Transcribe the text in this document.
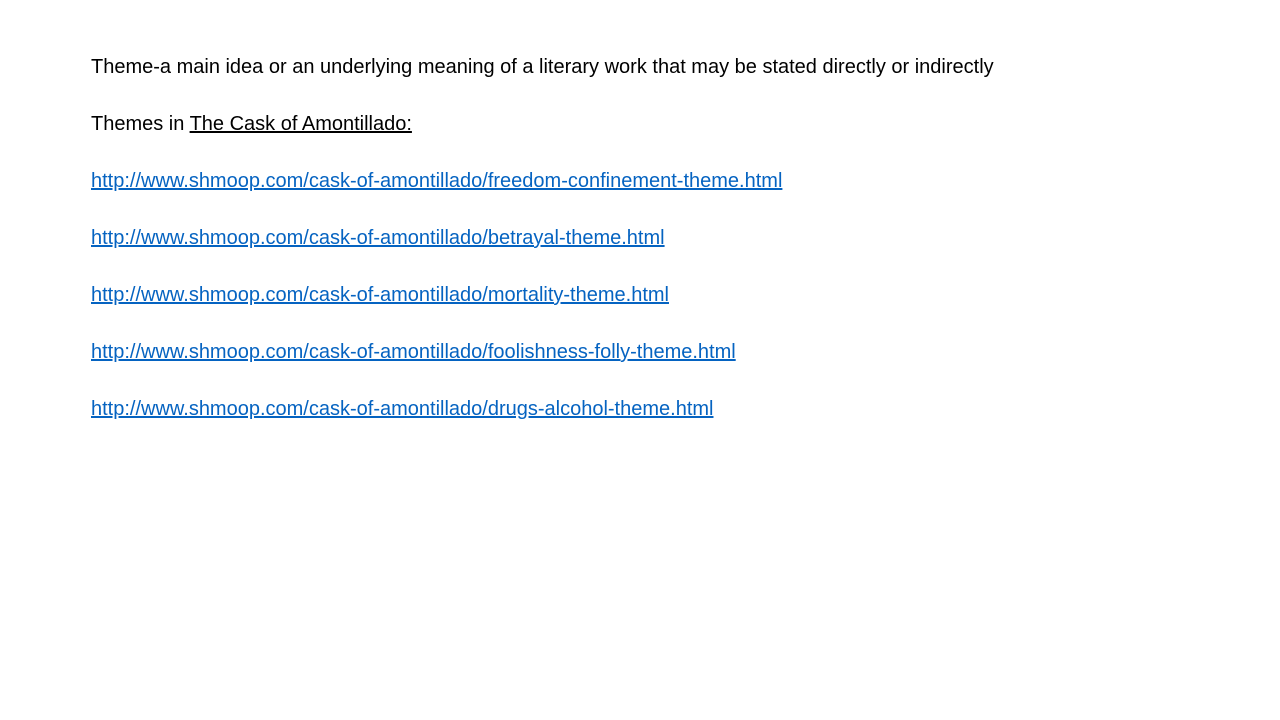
Theme-a main idea or an underlying meaning of a literary work that may be stated directly or indirectly
Themes in The Cask of Amontillado:
http://www.shmoop.com/cask-of-amontillado/freedom-confinement-theme.html
http://www.shmoop.com/cask-of-amontillado/betrayal-theme.html
http://www.shmoop.com/cask-of-amontillado/mortality-theme.html
http://www.shmoop.com/cask-of-amontillado/foolishness-folly-theme.html
http://www.shmoop.com/cask-of-amontillado/drugs-alcohol-theme.html
